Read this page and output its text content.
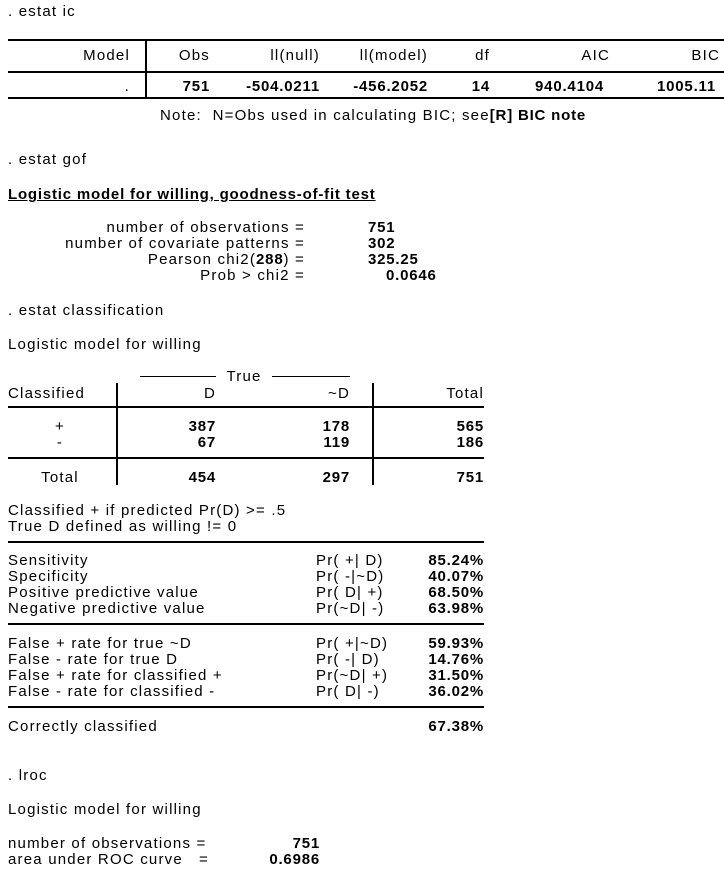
. estat ic
Model	Obs	ll(null)	ll(model)	df	AIC	BIC
.	751	-504.0211	-456.2052	14	940.4104	1005.11
Note:  N=Obs used in calculating BIC; see[R] BIC note
. estat gof
Logistic model for willing, goodness-of-fit test
number of observations =	751
number of covariate patterns =	302
Pearson chi2(288) =	325.25
Prob > chi2 =	0.0646
. estat classification
Logistic model for willing
True
Classified	D	~D	Total
+	387	178	565
-	67	119	186
Total	454	297	751
Classified + if predicted Pr(D) >= .5
True D defined as willing != 0
Sensitivity	Pr( +| D)	85.24%
Specificity	Pr( -|~D)	40.07%
Positive predictive value	Pr( D| +)	68.50%
Negative predictive value	Pr(~D| -)	63.98%
False + rate for true ~D	Pr( +|~D)	59.93%
False - rate for true D	Pr( -| D)	14.76%
False + rate for classified +	Pr(~D| +)	31.50%
False - rate for classified -	Pr( D| -)	36.02%
Correctly classified	67.38%
. lroc
Logistic model for willing
number of observations =	751
area under ROC curve   =	0.6986
